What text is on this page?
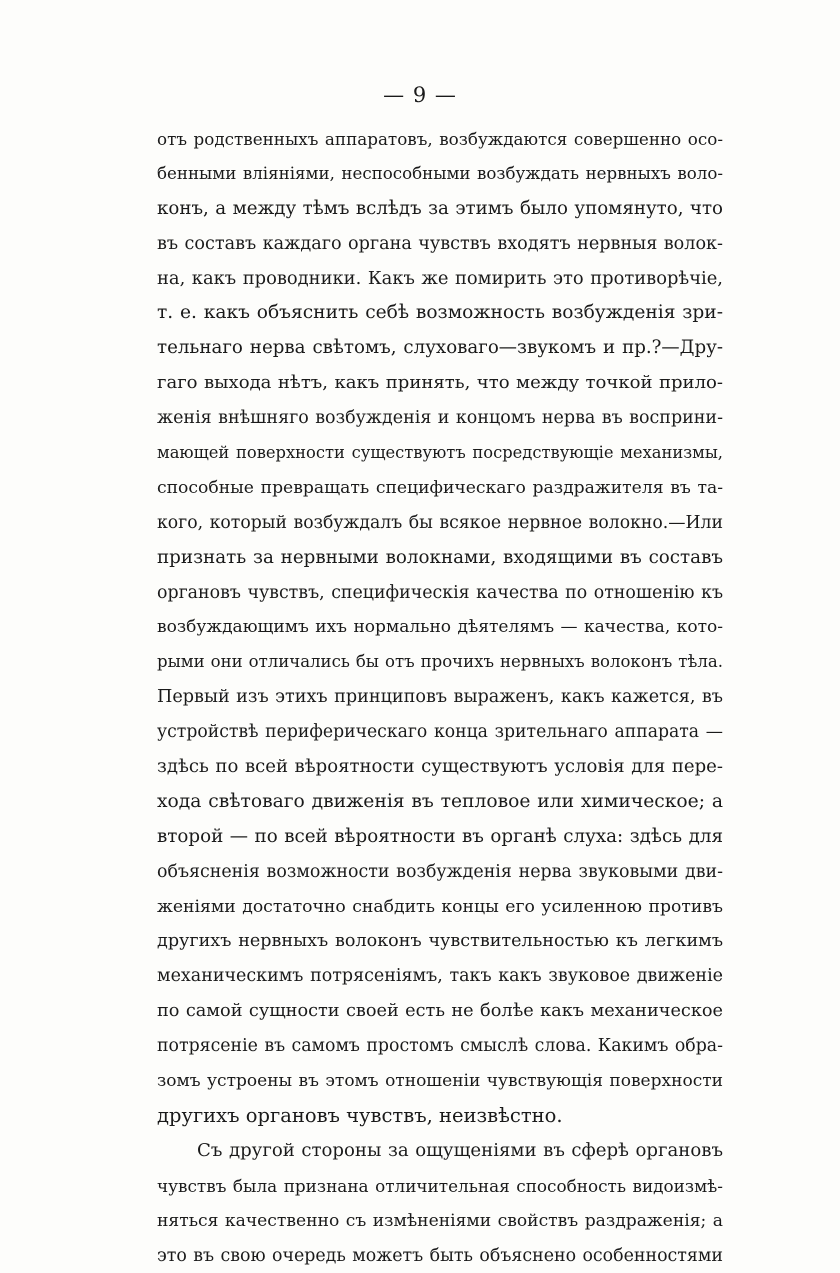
— 9 —
отъ родственныхъ аппаратовъ, возбуждаются совершенно осо-
бенными влiянiями, неспособными возбуждать нервныхъ воло-
конъ, а между тѣмъ вслѣдъ за этимъ было упомянуто, что
въ составъ каждаго органа чувствъ входятъ нервныя волок-
на, какъ проводники. Какъ же помирить это противорѣчiе,
т. е. какъ объяснить себѣ возможность возбужденiя зри-
тельнаго нерва свѣтомъ, слуховаго—звукомъ и пр.?—Дру-
гаго выхода нѣтъ, какъ принять, что между точкой прило-
женiя внѣшняго возбужденiя и концомъ нерва въ восприни-
мающей поверхности существуютъ посредствующiе механизмы,
способные превращать специфическаго раздражителя въ та-
кого, который возбуждалъ бы всякое нервное волокно.—Или
признать за нервными волокнами, входящими въ составъ
органовъ чувствъ, специфическiя качества по отношенiю къ
возбуждающимъ ихъ нормально дѣятелямъ — качества, кото-
рыми они отличались бы отъ прочихъ нервныхъ волоконъ тѣла.
Первый изъ этихъ принциповъ выраженъ, какъ кажется, въ
устройствѣ периферическаго конца зрительнаго аппарата —
здѣсь по всей вѣроятности существуютъ условiя для пере-
хода свѣтоваго движенiя въ тепловое или химическое; а
второй — по всей вѣроятности въ органѣ слуха: здѣсь для
объясненiя возможности возбужденiя нерва звуковыми дви-
женiями достаточно снабдить концы его усиленною противъ
другихъ нервныхъ волоконъ чувствительностью къ легкимъ
механическимъ потрясенiямъ, такъ какъ звуковое движенiе
по самой сущности своей есть не болѣе какъ механическое
потрясенiе въ самомъ простомъ смыслѣ слова. Какимъ обра-
зомъ устроены въ этомъ отношенiи чувствующiя поверхности
другихъ органовъ чувствъ, неизвѣстно.
Съ другой стороны за ощущенiями въ сферѣ органовъ
чувствъ была признана отличительная способность видоизмѣ-
няться качественно съ измѣненiями свойствъ раздраженiя; а
это въ свою очередь можетъ быть объяснено особенностями
